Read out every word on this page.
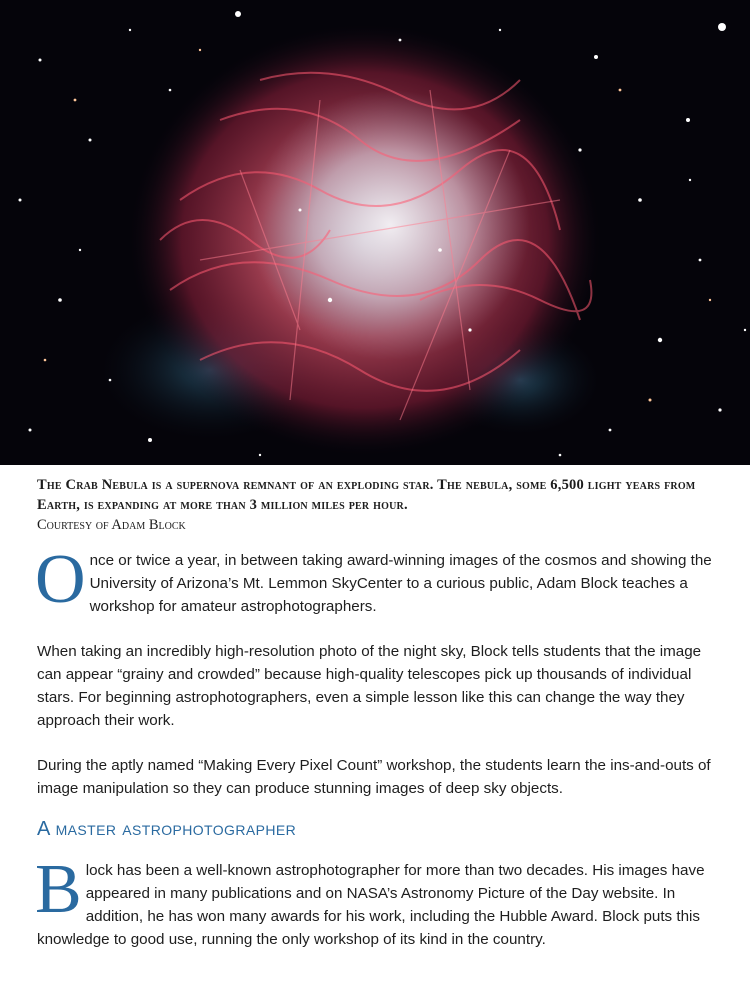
The Crab Nebula is a supernova remnant of an exploding star. The nebula, some 6,500 light years from Earth, is expanding at more than 3 million miles per hour.
Courtesy of Adam Block

Once or twice a year, in between taking award-winning images of the cosmos and showing the University of Arizona’s Mt. Lemmon SkyCenter to a curious public, Adam Block teaches a workshop for amateur astrophotographers.

When taking an incredibly high-resolution photo of the night sky, Block tells students that the image can appear “grainy and crowded” because high-quality telescopes pick up thousands of individual stars. For beginning astrophotographers, even a simple lesson like this can change the way they approach their work.

During the aptly named “Making Every Pixel Count” workshop, the students learn the ins-and-outs of image manipulation so they can produce stunning images of deep sky objects.

A master astrophotographer

Block has been a well-known astrophotographer for more than two decades. His images have appeared in many publications and on NASA’s Astronomy Picture of the Day website. In addition, he has won many awards for his work, including the Hubble Award. Block puts this knowledge to good use, running the only workshop of its kind in the country.
